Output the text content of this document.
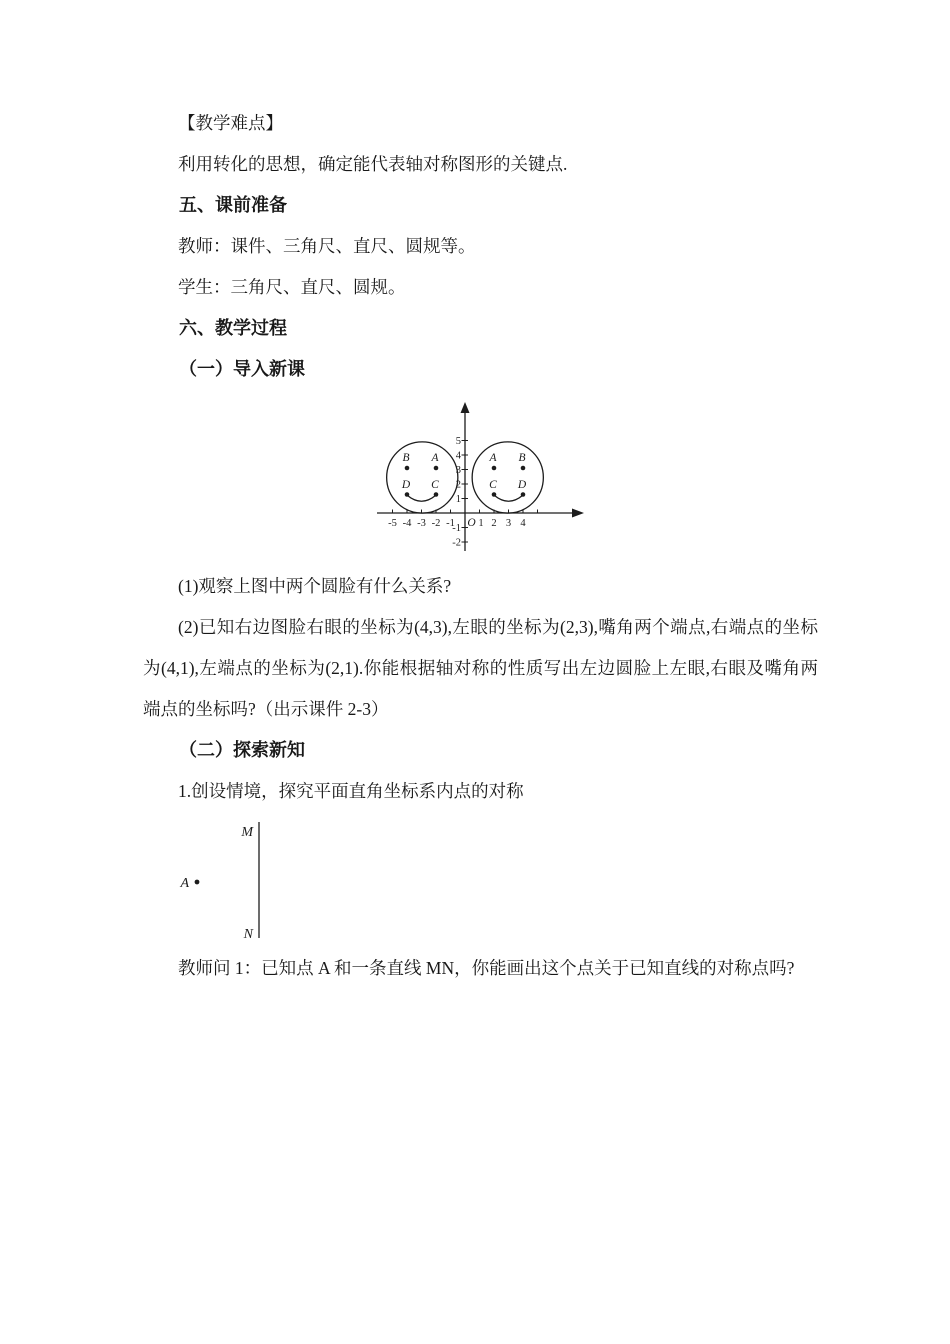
【教学难点】

利用转化的思想，确定能代表轴对称图形的关键点.

五、课前准备

教师：课件、三角尺、直尺、圆规等。

学生：三角尺、直尺、圆规。

六、教学过程

（一）导入新课

-5 -4 -3 -2 -1 O 1 2 3 4
5
4
3
2
1
-1
-2
B A
D C
A B
C D

(1)观察上图中两个圆脸有什么关系?

(2)已知右边图脸右眼的坐标为(4,3),左眼的坐标为(2,3),嘴角两个端点,右端点的坐标为(4,1),左端点的坐标为(2,1).你能根据轴对称的性质写出左边圆脸上左眼,右眼及嘴角两端点的坐标吗?（出示课件 2-3）

（二）探索新知

1.创设情境，探究平面直角坐标系内点的对称

M
N
A

教师问 1：已知点 A 和一条直线 MN，你能画出这个点关于已知直线的对称点吗?
